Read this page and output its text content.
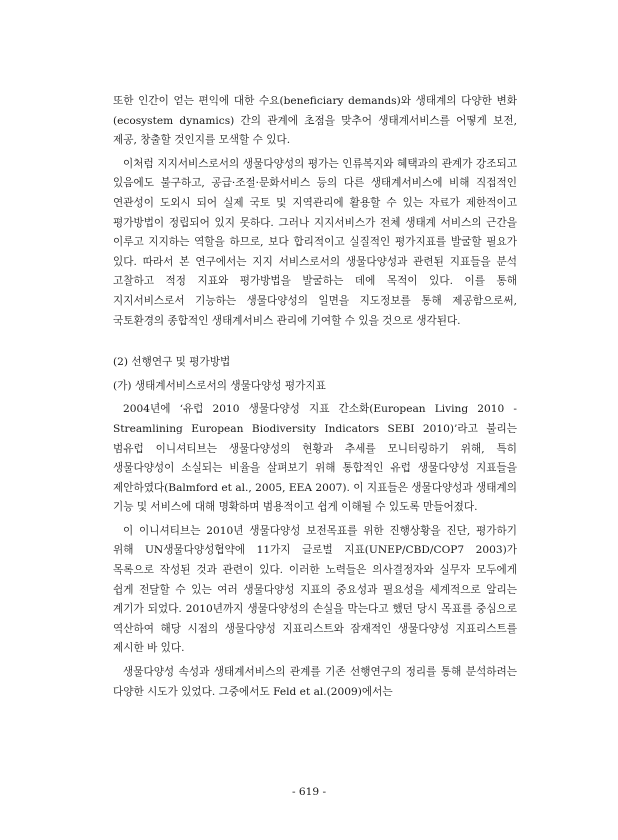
또한 인간이 얻는 편익에 대한 수요(beneficiary demands)와 생태계의 다양한 변화(ecosystem dynamics) 간의 관계에 초점을 맞추어 생태계서비스를 어떻게 보전, 제공, 창출할 것인지를 모색할 수 있다.

이처럼 지지서비스로서의 생물다양성의 평가는 인류복지와 혜택과의 관계가 강조되고 있음에도 불구하고, 공급·조절·문화서비스 등의 다른 생태계서비스에 비해 직접적인 연관성이 도외시 되어 실제 국토 및 지역관리에 활용할 수 있는 자료가 제한적이고 평가방법이 정립되어 있지 못하다. 그러나 지지서비스가 전체 생태계 서비스의 근간을 이루고 지지하는 역할을 하므로, 보다 합리적이고 실질적인 평가지표를 발굴할 필요가 있다. 따라서 본 연구에서는 지지 서비스로서의 생물다양성과 관련된 지표들을 분석 고찰하고 적정 지표와 평가방법을 발굴하는 데에 목적이 있다. 이를 통해 지지서비스로서 기능하는 생물다양성의 일면을 지도정보를 통해 제공함으로써, 국토환경의 종합적인 생태계서비스 관리에 기여할 수 있을 것으로 생각된다.

(2) 선행연구 및 평가방법

(가) 생태계서비스로서의 생물다양성 평가지표

2004년에 ‘유럽 2010 생물다양성 지표 간소화(European Living 2010 - Streamlining European Biodiversity Indicators SEBI 2010)’라고 불리는 범유럽 이니셔티브는 생물다양성의 현황과 추세를 모니터링하기 위해, 특히 생물다양성이 소실되는 비율을 살펴보기 위해 통합적인 유럽 생물다양성 지표들을 제안하였다(Balmford et al., 2005, EEA 2007). 이 지표들은 생물다양성과 생태계의 기능 및 서비스에 대해 명확하며 범용적이고 쉽게 이해될 수 있도록 만들어졌다.

이 이니셔티브는 2010년 생물다양성 보전목표를 위한 진행상황을 진단, 평가하기 위해 UN생물다양성협약에 11가지 글로벌 지표(UNEP/CBD/COP7 2003)가 목록으로 작성된 것과 관련이 있다. 이러한 노력들은 의사결정자와 실무자 모두에게 쉽게 전달할 수 있는 여러 생물다양성 지표의 중요성과 필요성을 세계적으로 알리는 계기가 되었다. 2010년까지 생물다양성의 손실을 막는다고 했던 당시 목표를 중심으로 역산하여 해당 시점의 생물다양성 지표리스트와 잠재적인 생물다양성 지표리스트를 제시한 바 있다.

생물다양성 속성과 생태계서비스의 관계를 기존 선행연구의 정리를 통해 분석하려는 다양한 시도가 있었다. 그중에서도 Feld et al.(2009)에서는

- 619 -
